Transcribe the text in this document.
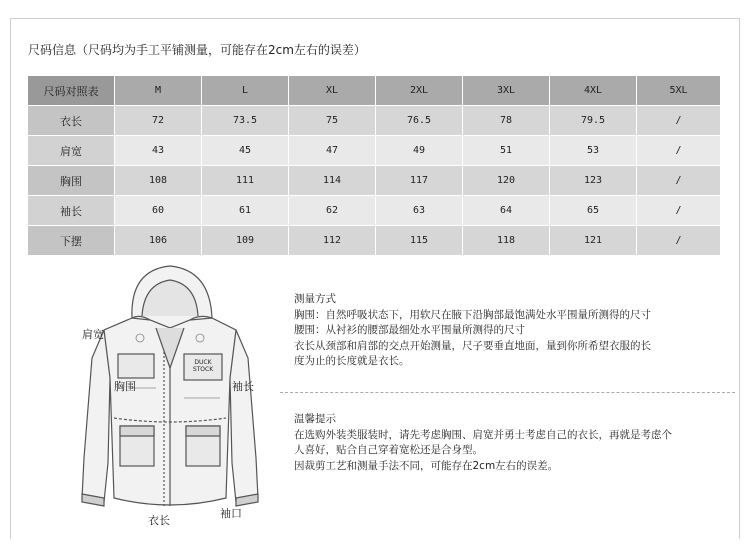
尺码信息（尺码均为手工平铺测量，可能存在2cm左右的误差）
尺码对照表	M	L	XL	2XL	3XL	4XL	5XL
衣长	72	73.5	75	76.5	78	79.5	/
肩宽	43	45	47	49	51	53	/
胸围	108	111	114	117	120	123	/
袖长	60	61	62	63	64	65	/
下摆	106	109	112	115	118	121	/
DUCK STOCK
肩宽
胸围	袖长
衣长
袖口
测量方式
胸围：自然呼吸状态下，用软尺在腋下沿胸部最饱满处水平围量所测得的尺寸
腰围：从衬衫的腰部最细处水平围量所测得的尺寸
衣长从颈部和肩部的交点开始测量，尺子要垂直地面，量到你所希望衣服的长
度为止的长度就是衣长。
温馨提示
在选购外装类服装时，请先考虑胸围、肩宽并勇士考虑自己的衣长，再就是考虑个
人喜好，贴合自己穿着宽松还是合身型。
因裁剪工艺和测量手法不同，可能存在2cm左右的误差。
